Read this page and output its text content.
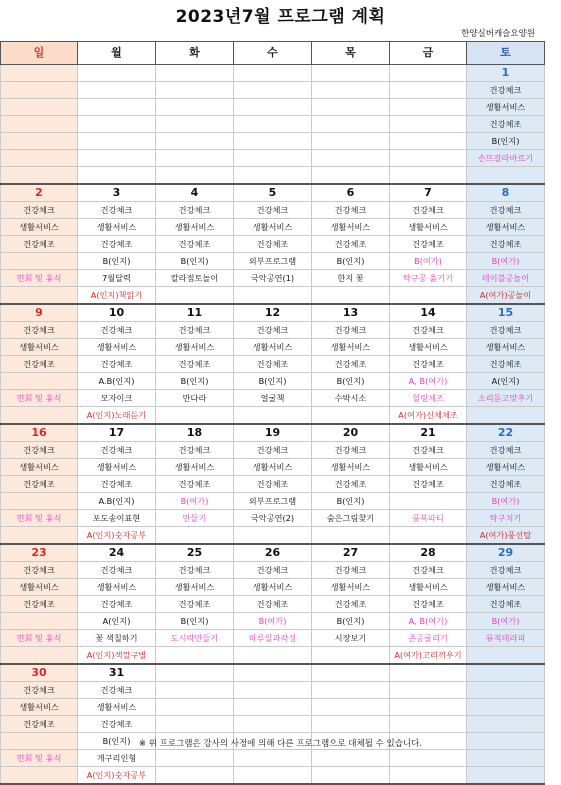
2023년7월 프로그램 계획
한양실버캐슬요양원
일	월	화	수	목	금	토
						1
						건강체크
						생활서비스
						건강체조
						B(인지)
						손뜨갈라바르기

2	3	4	5	6	7	8
건강체크	건강체크	건강체크	건강체크	건강체크	건강체크	건강체크
생활서비스	생활서비스	생활서비스	생활서비스	생활서비스	생활서비스	생활서비스
건강체조	건강체조	건강체조	건강체조	건강체조	건강체조	건강체조
	B(인지)	B(인지)	외부프로그램	B(인지)	B(여가)	B(여가)
면회 및 휴식	7월달력	칼라점토놀이	국악공연(1)	한지 꽃	탁구공 옮기기	테이블공놀이
	A(인지)책읽기					A(여가)공놀이
9	10	11	12	13	14	15
건강체크	건강체크	건강체크	건강체크	건강체크	건강체크	건강체크
생활서비스	생활서비스	생활서비스	생활서비스	생활서비스	생활서비스	생활서비스
건강체조	건강체조	건강체조	건강체조	건강체조	건강체조	건강체조
	A.B(인지)	B(인지)	B(인지)	B(인지)	A, B(여가)	A(인지)
면회 및 휴식	모자이크	만다라	얼굴책	수박시소	힐링체조	소리듣고맞추기
	A(인지)노래듣기				A(여가)신체체조	
16	17	18	19	20	21	22
건강체크	건강체크	건강체크	건강체크	건강체크	건강체크	건강체크
생활서비스	생활서비스	생활서비스	생활서비스	생활서비스	생활서비스	생활서비스
건강체조	건강체조	건강체조	건강체조	건강체조	건강체조	건강체조
	A.B(인지)	B(여가)	외부프로그램	B(인지)		B(여가)
면회 및 휴식	포도송이표현	만들기	국악공연(2)	숨은그림찾기	풍복파티	탁구치기
	A(인지)숫자공부					A(여가)풍선탑
23	24	25	26	27	28	29
건강체크	건강체크	건강체크	건강체크	건강체크	건강체크	건강체크
생활서비스	생활서비스	생활서비스	생활서비스	생활서비스	생활서비스	생활서비스
건강체조	건강체조	건강체조	건강체조	건강체조	건강체조	건강체조
	A(인지)	B(인지)	B(여가)	B(인지)	A, B(여가)	B(여가)
면회 및 휴식	꽃 색칠하기	도시락만들기	하루일과작성	시장보기	존공굴리기	뮤직테라피
	A(인지)색깔구별				A(여가)고리끼우기	
30	31					
건강체크	건강체크					
생활서비스	생활서비스					
건강체조	건강체조					
	B(인지)					
면회 및 휴식	개구리인형					
	A(인지)숫자공부					
※ 위 프로그램은 강사의 사정에 의해 다른 프로그램으로 대체될 수 있습니다.
